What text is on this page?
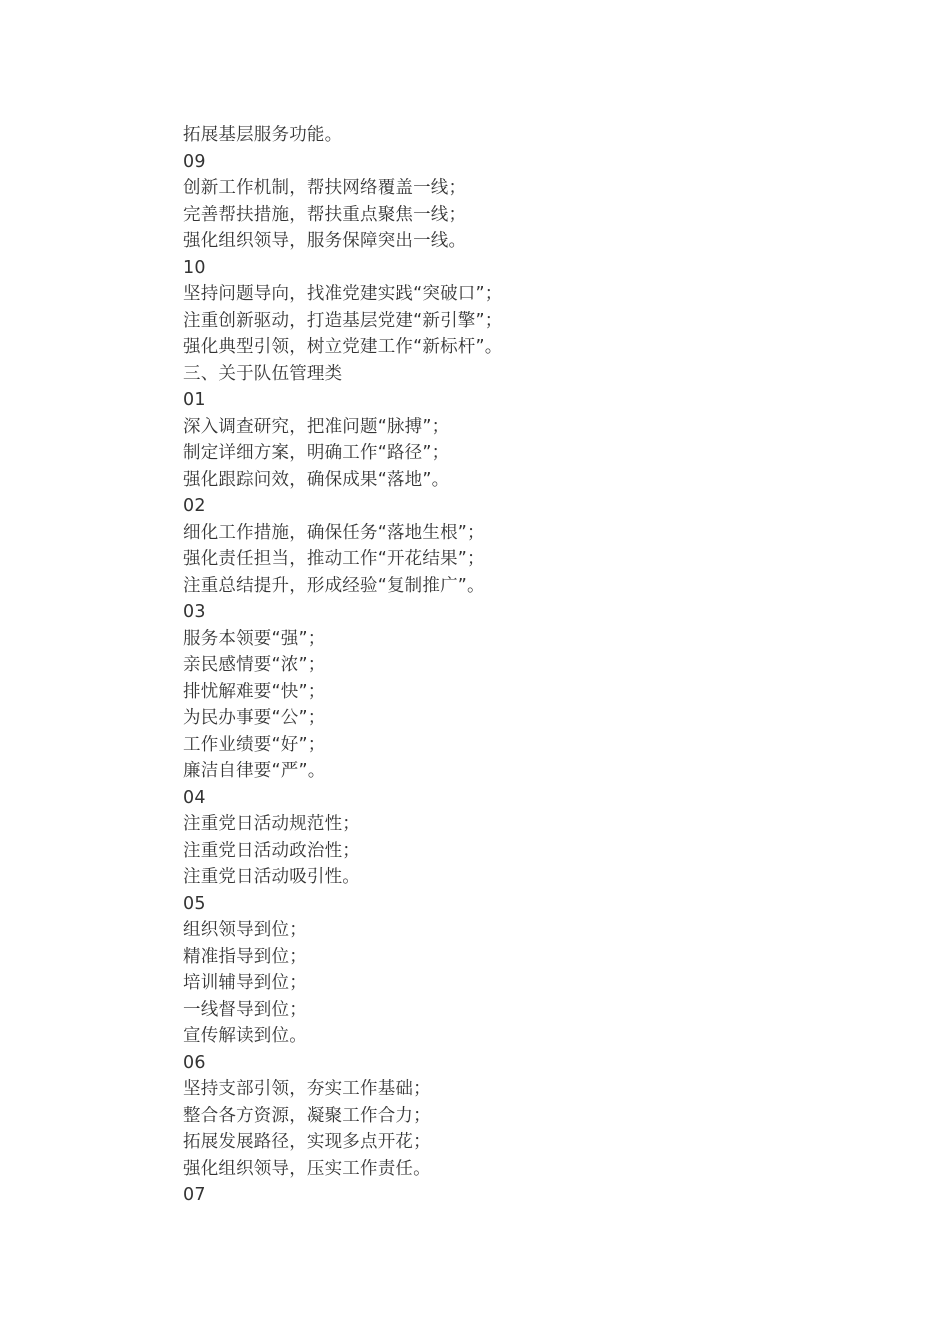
拓展基层服务功能。
09
创新工作机制，帮扶网络覆盖一线；
完善帮扶措施，帮扶重点聚焦一线；
强化组织领导，服务保障突出一线。
10
坚持问题导向，找准党建实践“突破口”；
注重创新驱动，打造基层党建“新引擎”；
强化典型引领，树立党建工作“新标杆”。
三、关于队伍管理类
01
深入调查研究，把准问题“脉搏”；
制定详细方案，明确工作“路径”；
强化跟踪问效，确保成果“落地”。
02
细化工作措施，确保任务“落地生根”；
强化责任担当，推动工作“开花结果”；
注重总结提升，形成经验“复制推广”。
03
服务本领要“强”；
亲民感情要“浓”；
排忧解难要“快”；
为民办事要“公”；
工作业绩要“好”；
廉洁自律要“严”。
04
注重党日活动规范性；
注重党日活动政治性；
注重党日活动吸引性。
05
组织领导到位；
精准指导到位；
培训辅导到位；
一线督导到位；
宣传解读到位。
06
坚持支部引领，夯实工作基础；
整合各方资源，凝聚工作合力；
拓展发展路径，实现多点开花；
强化组织领导，压实工作责任。
07
